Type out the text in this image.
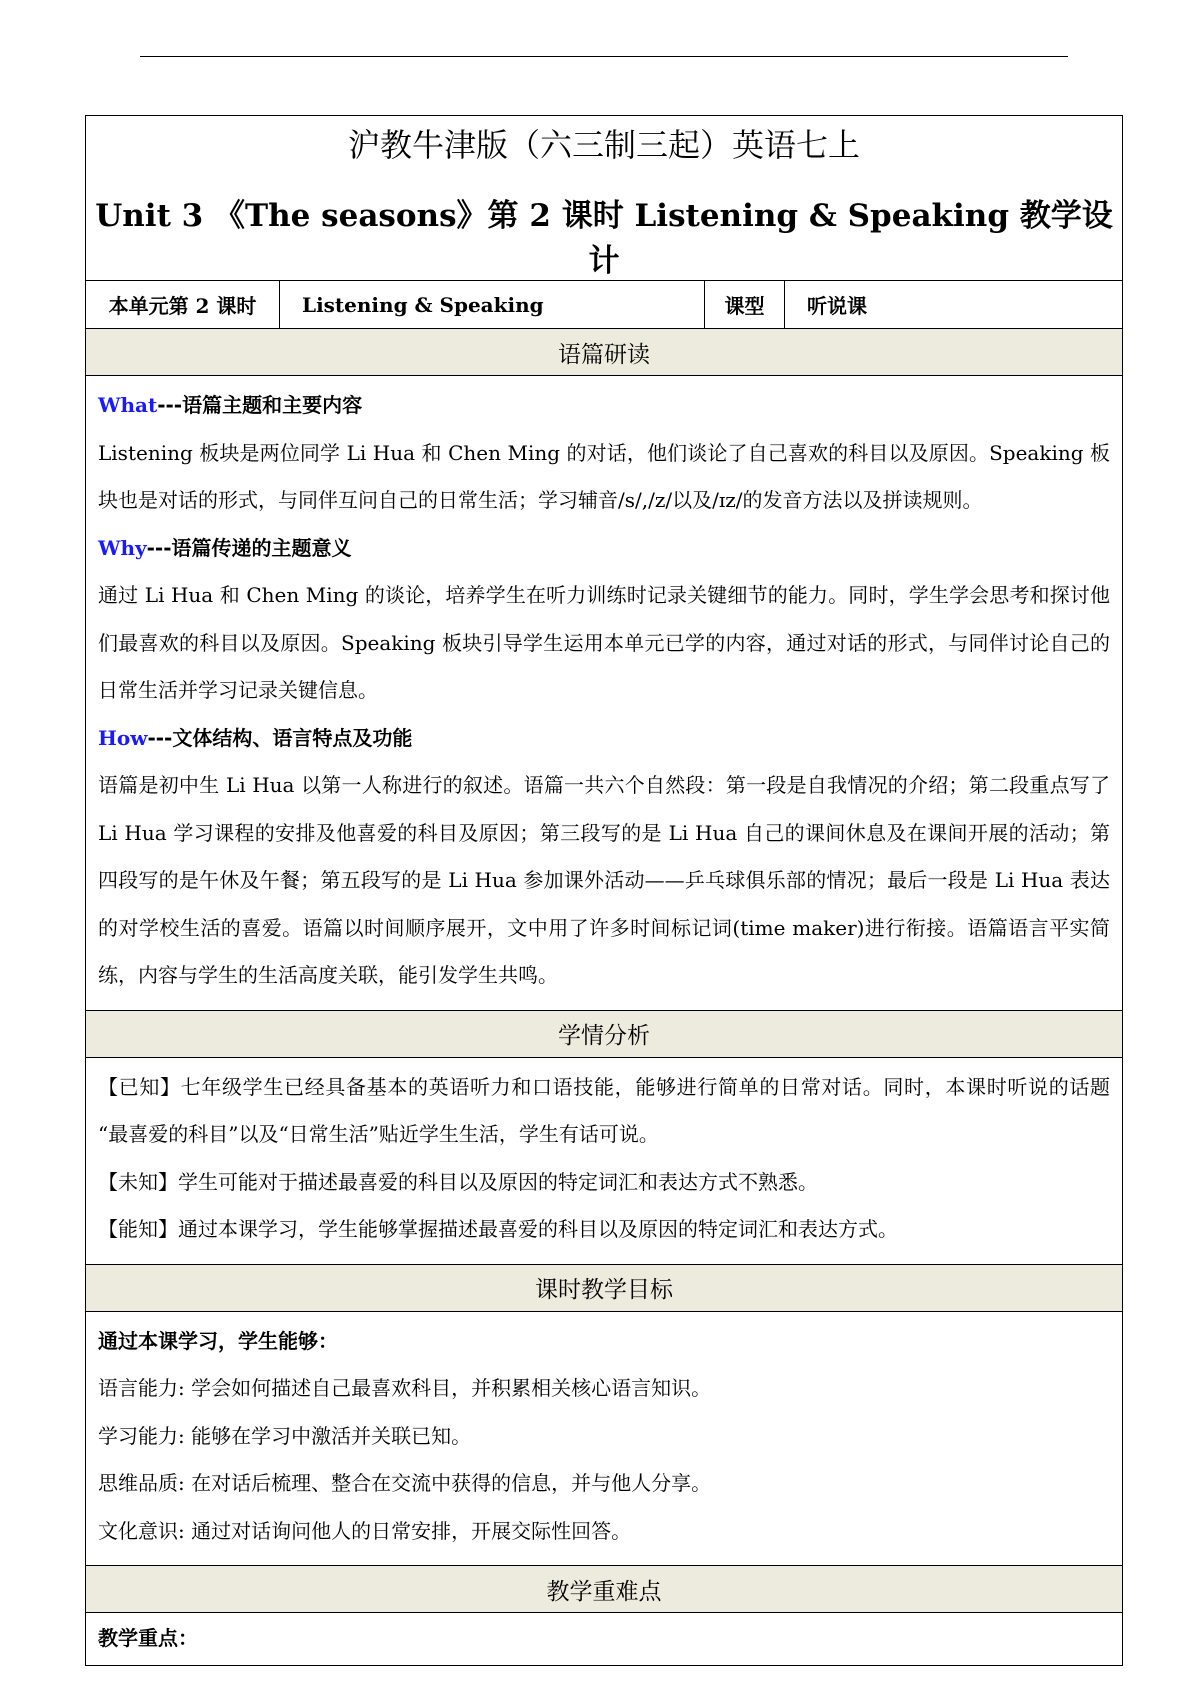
沪教牛津版（六三制三起）英语七上
Unit 3 《The seasons》第 2 课时 Listening & Speaking 教学设计

本单元第 2 课时	Listening & Speaking	课型	听说课
语篇研读

What---语篇主题和主要内容
Listening 板块是两位同学 Li Hua 和 Chen Ming 的对话，他们谈论了自己喜欢的科目以及原因。Speaking 板块也是对话的形式，与同伴互问自己的日常生活；学习辅音/s/,/z/以及/ɪz/的发音方法以及拼读规则。
Why---语篇传递的主题意义
通过 Li Hua 和 Chen Ming 的谈论，培养学生在听力训练时记录关键细节的能力。同时，学生学会思考和探讨他们最喜欢的科目以及原因。Speaking 板块引导学生运用本单元已学的内容，通过对话的形式，与同伴讨论自己的日常生活并学习记录关键信息。
How---文体结构、语言特点及功能
语篇是初中生 Li Hua 以第一人称进行的叙述。语篇一共六个自然段：第一段是自我情况的介绍；第二段重点写了 Li Hua 学习课程的安排及他喜爱的科目及原因；第三段写的是 Li Hua 自己的课间休息及在课间开展的活动；第四段写的是午休及午餐；第五段写的是 Li Hua 参加课外活动——乒乓球俱乐部的情况；最后一段是 Li Hua 表达的对学校生活的喜爱。语篇以时间顺序展开，文中用了许多时间标记词(time maker)进行衔接。语篇语言平实简练，内容与学生的生活高度关联，能引发学生共鸣。

学情分析

【已知】七年级学生已经具备基本的英语听力和口语技能，能够进行简单的日常对话。同时，本课时听说的话题 “最喜爱的科目”以及“日常生活”贴近学生生活，学生有话可说。
【未知】学生可能对于描述最喜爱的科目以及原因的特定词汇和表达方式不熟悉。
【能知】通过本课学习，学生能够掌握描述最喜爱的科目以及原因的特定词汇和表达方式。

课时教学目标

通过本课学习，学生能够：
语言能力: 学会如何描述自己最喜欢科目，并积累相关核心语言知识。
学习能力: 能够在学习中激活并关联已知。
思维品质: 在对话后梳理、整合在交流中获得的信息，并与他人分享。
文化意识: 通过对话询问他人的日常安排，开展交际性回答。

教学重难点

教学重点：
